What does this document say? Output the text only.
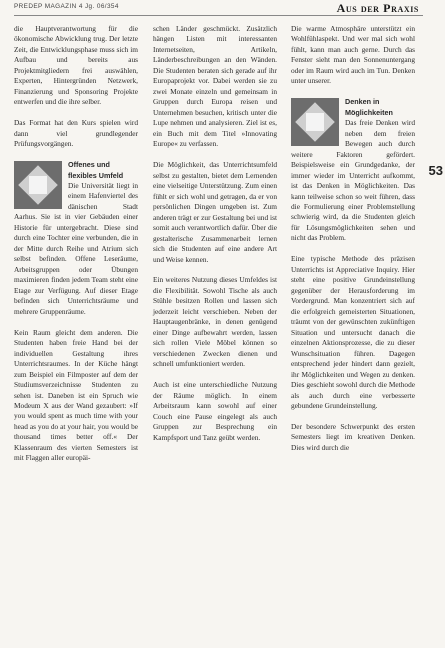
PREDEP MAGAZIN 4 Jg. 06/354	Aus der Praxis
53

die Hauptverantwortung für die ökonomische Abwicklung trug. Der letzte Zeit, die Entwicklungsphase muss sich im Aufbau und bereits aus Projektmitgliedern frei auswählen, Experten, Hintergründen Netzwerk, Finanzierung und Sponsoring Projekte entwerfen und die ihre selber.

Das Format hat den Kurs spielen wird dann viel grundlegender Prüfungsvorgängen.

Offenes und
flexibles Umfeld

Die Universität liegt in einem Hafenviertel des dänischen Stadt Aarhus. Sie ist in vier Gebäuden einer Historie für untergebracht. Diese sind durch eine Tochter eine verbunden, die in der Mitte durch Reihe und Atrium sich selbst befinden. Offene Leseräume, Arbeitsgruppen oder Übungen maximieren finden jedem Team steht eine Etage zur Verfügung. Auf dieser Etage befinden sich Unterrichtsräume und mehrere Gruppenräume.

Kein Raum gleicht dem anderen. Die Studenten haben freie Hand bei der individuellen Gestaltung ihres Unterrichtsraumes. In der Küche hängt zum Beispiel ein Filmposter auf dem der Studiumsverzeichnisse Studenten zu sehen ist. Daneben ist ein Spruch wie Modeum X aus der Wand gezaubert: »If you would spent as much time with your head as you do at your hair, you would be thousand times better off.« Der Klassenraum des vierten Semesters ist mit Flaggen aller europäi-

schen Länder geschmückt. Zusätzlich hängen Listen mit interessanten Internetseiten, Artikeln, Länderbeschreibungen an den Wänden. Die Studenten beraten sich gerade auf ihr Europaprojekt vor. Dabei werden sie zu zwei Monate einzeln und gemeinsam in Gruppen durch Europa reisen und Unternehmen besuchen, kritisch unter die Lupe nehmen und analysieren. Ziel ist es, ein Buch mit dem Titel »Innovating Europe« zu verfassen.

Die Möglichkeit, das Unterrichtsumfeld selbst zu gestalten, bietet dem Lernenden eine vielseitige Unterstützung. Zum einen fühlt er sich wohl und getragen, da er von persönlichen Dingen umgeben ist. Zum anderen trägt er zur Gestaltung bei und ist somit auch verantwortlich dafür. Über die gestalterische Zusammenarbeit lernen sich die Studenten auf eine andere Art und Weise kennen.

Ein weiteres Nutzung dieses Umfeldes ist die Flexibilität. Sowohl Tische als auch Stühle besitzen Rollen und lassen sich jederzeit leicht verschieben. Neben der Hauptaugenbränke, in denen genügend einer Dinge aufbewahrt werden, lassen sich rollen Viele Möbel können so verschiedenen Zwecken dienen und schnell umfunktioniert werden.

Auch ist eine unterschiedliche Nutzung der Räume möglich. In einem Arbeitsraum kann sowohl auf einer Couch eine Pause eingelegt als auch Gruppen zur Besprechung ein Kampfsport und Tanz geübt werden.

Die warme Atmosphäre unterstützt ein Wohlfühlaspekt. Und wer mal sich wohl fühlt, kann man auch gerne. Durch das Fenster sieht man den Sonnenuntergang oder im Raum wird auch im Tun. Denken unter unserer.

Denken in
Möglichkeiten

Das freie Denken wird neben dem freien Bewegen auch durch weitere Faktoren gefördert. Beispielsweise ein Grundgedanke, der immer wieder im Unterricht aufkommt, ist das Denken in Möglichkeiten. Das kann teilweise schon so weit führen, dass die Formulierung einer Problemstellung schwierig wird, da die Studenten gleich für Lösungsmöglichkeiten sehen und nicht das Problem.

Eine typische Methode des präzisen Unterrichts ist Appreciative Inquiry. Hier steht eine positive Grundeinstellung gegenüber der Herausforderung im Vordergrund. Man konzentriert sich auf die erfolgreich gemeisterten Situationen, träumt von der gewünschten zukünftigen Situation und untersucht danach die einzelnen Aktionsprozesse, die zu dieser Wunschsituation führen. Dagegen entsprechend jeder hindert dann gezielt, ihr Möglichkeiten und Wegen zu denken. Dies geschieht sowohl durch die Methode als auch durch eine verbesserte gebundene Grundeinstellung.

Der besondere Schwerpunkt des ersten Semesters liegt im kreativen Denken. Dies wird durch die
